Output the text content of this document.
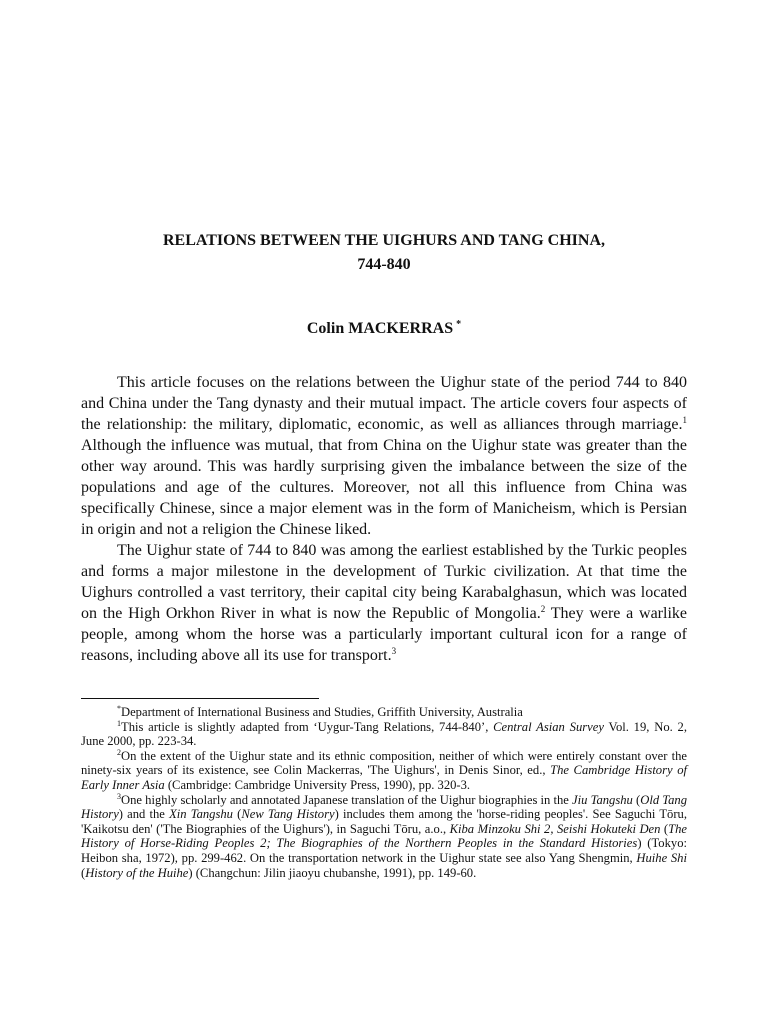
RELATIONS BETWEEN THE UIGHURS AND TANG CHINA,
744-840
Colin MACKERRAS *

This article focuses on the relations between the Uighur state of the period 744 to 840 and China under the Tang dynasty and their mutual impact. The article covers four aspects of the relationship: the military, diplomatic, economic, as well as alliances through marriage.$^1$ Although the influence was mutual, that from China on the Uighur state was greater than the other way around. This was hardly surprising given the imbalance between the size of the populations and age of the cultures. Moreover, not all this influence from China was specifically Chinese, since a major element was in the form of Manicheism, which is Persian in origin and not a religion the Chinese liked.

The Uighur state of 744 to 840 was among the earliest established by the Turkic peoples and forms a major milestone in the development of Turkic civilization. At that time the Uighurs controlled a vast territory, their capital city being Karabalghasun, which was located on the High Orkhon River in what is now the Republic of Mongolia.$^2$ They were a warlike people, among whom the horse was a particularly important cultural icon for a range of reasons, including above all its use for transport.$^3$

*Department of International Business and Studies, Griffith University, Australia

$^1$This article is slightly adapted from ‘Uygur-Tang Relations, 744-840’, Central Asian Survey Vol. 19, No. 2, June 2000, pp. 223-34.

$^2$On the extent of the Uighur state and its ethnic composition, neither of which were entirely constant over the ninety-six years of its existence, see Colin Mackerras, 'The Uighurs', in Denis Sinor, ed., The Cambridge History of Early Inner Asia (Cambridge: Cambridge University Press, 1990), pp. 320-3.

$^3$One highly scholarly and annotated Japanese translation of the Uighur biographies in the Jiu Tangshu (Old Tang History) and the Xin Tangshu (New Tang History) includes them among the 'horse-riding peoples'. See Saguchi Tōru, 'Kaikotsu den' ('The Biographies of the Uighurs'), in Saguchi Tōru, a.o., Kiba Minzoku Shi 2, Seishi Hokuteki Den (The History of Horse-Riding Peoples 2; The Biographies of the Northern Peoples in the Standard Histories) (Tokyo: Heibon sha, 1972), pp. 299-462. On the transportation network in the Uighur state see also Yang Shengmin, Huihe Shi (History of the Huihe) (Changchun: Jilin jiaoyu chubanshe, 1991), pp. 149-60.
